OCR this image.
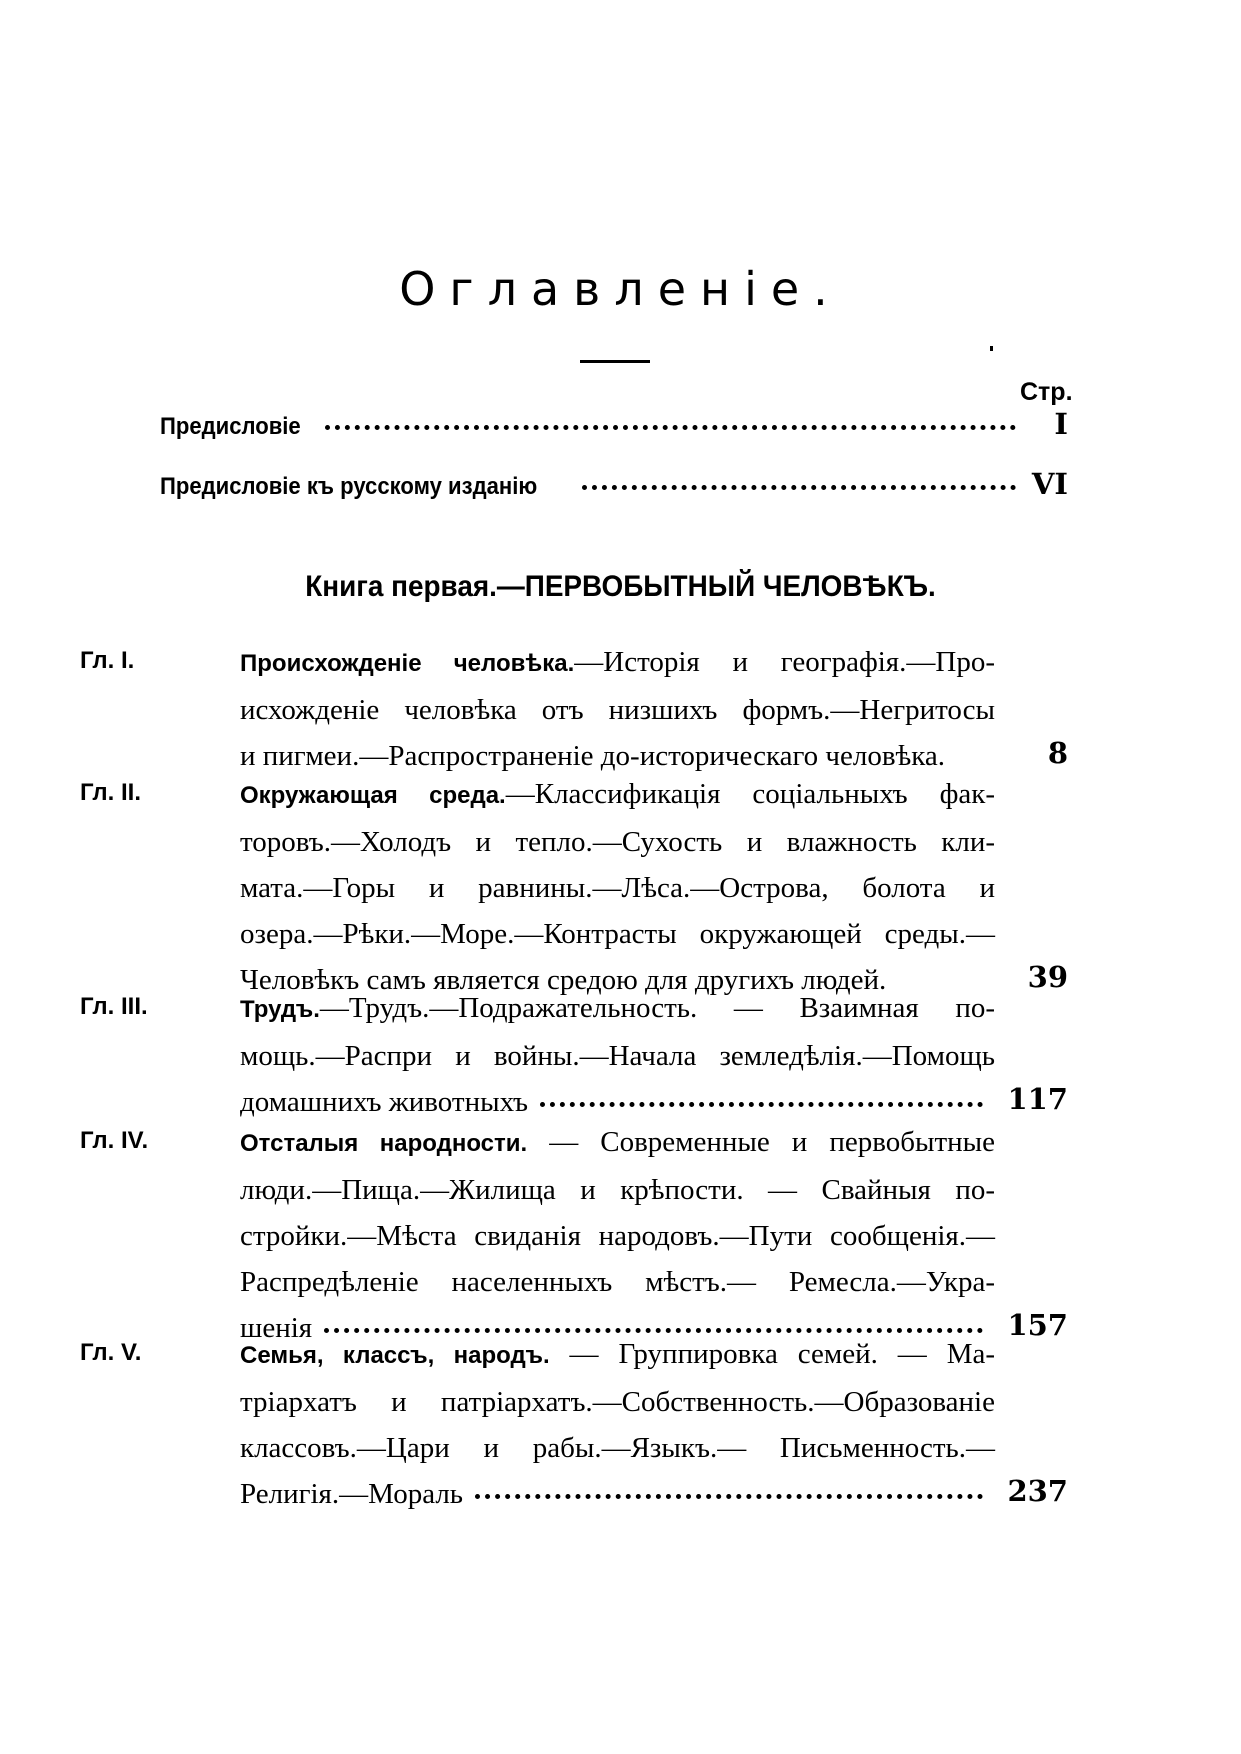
Оглавленіе.
Стр.
Предисловіе	I
Предисловіе къ русскому изданію	VI
Книга первая.—ПЕРВОБЫТНЫЙ ЧЕЛОВѢКЪ.
Гл. I.	Происхожденіе человѣка.—Исторія и географія.—Про-
исхожденіе человѣка отъ низшихъ формъ.—Негритосы
и пигмеи.—Распространеніе до-историческаго человѣка.	8
Гл. II.	Окружающая среда.—Классификація соціальныхъ фак-
торовъ.—Холодъ и тепло.—Сухость и влажность кли-
мата.—Горы и равнины.—Лѣса.—Острова, болота и
озера.—Рѣки.—Море.—Контрасты окружающей среды.—
Человѣкъ самъ является средою для другихъ людей.	39
Гл. III.	Трудъ.—Трудъ.—Подражательность. — Взаимная по-
мощь.—Распри и войны.—Начала земледѣлія.—Помощь
домашнихъ животныхъ	117
Гл. IV.	Отсталыя народности. — Современные и первобытные
люди.—Пища.—Жилища и крѣпости. — Свайныя по-
стройки.—Мѣста свиданія народовъ.—Пути сообщенія.—
Распредѣленіе населенныхъ мѣстъ.— Ремесла.—Укра-
шенія	157
Гл. V.	Семья, классъ, народъ. — Группировка семей. — Ма-
тріархатъ и патріархатъ.—Собственность.—Образованіе
классовъ.—Цари и рабы.—Языкъ.— Письменность.—
Религія.—Мораль	237
